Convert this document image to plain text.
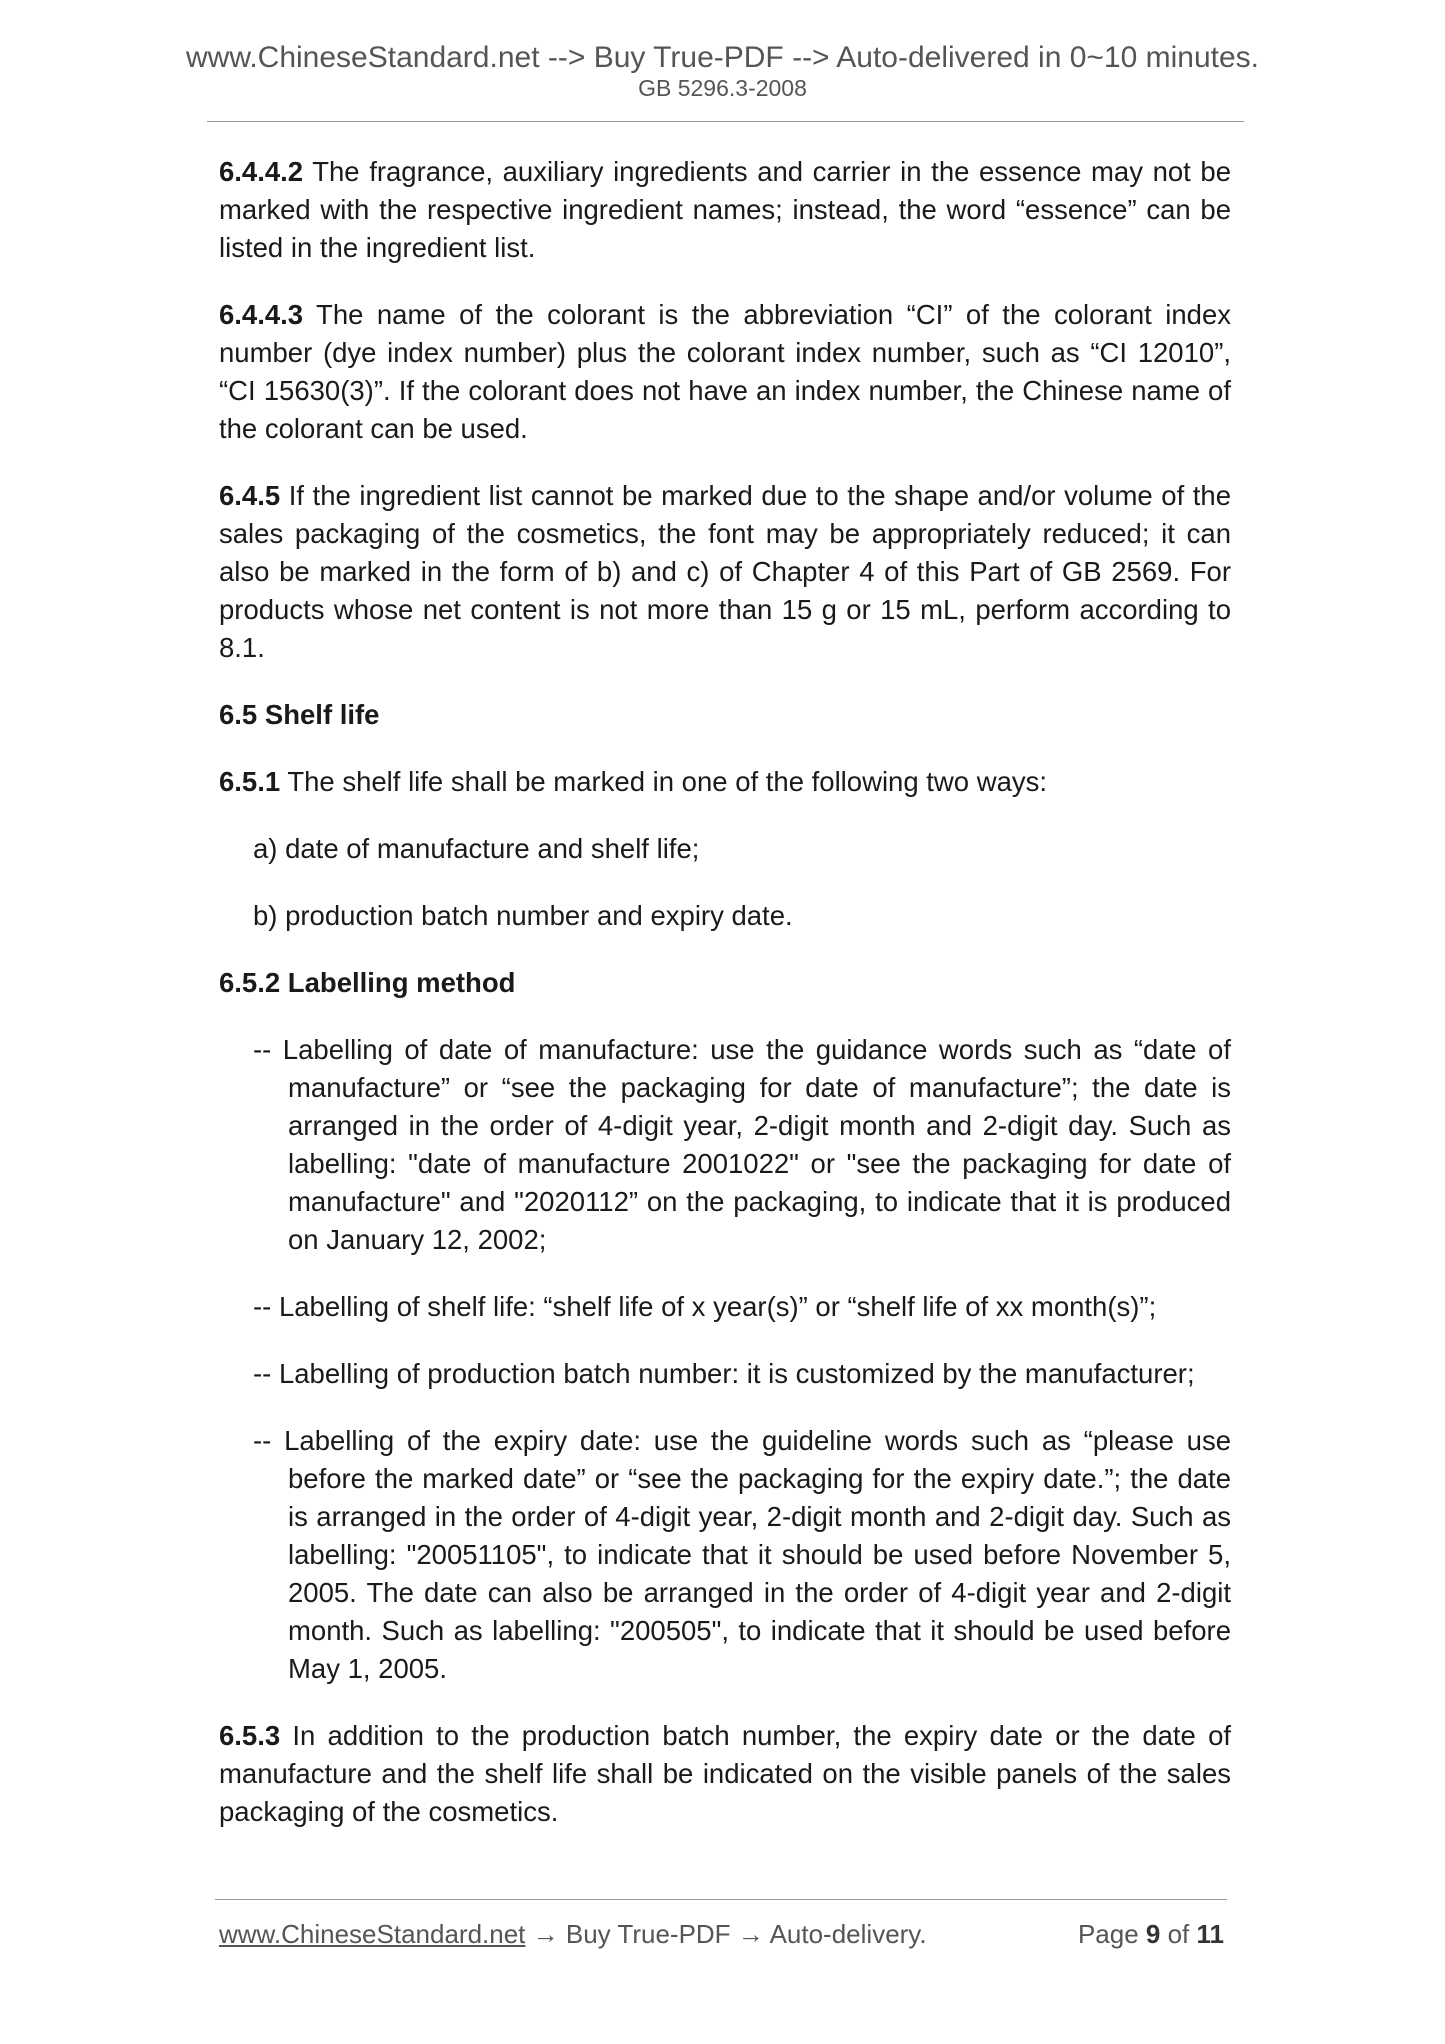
www.ChineseStandard.net --> Buy True-PDF --> Auto-delivered in 0~10 minutes.
GB 5296.3-2008

6.4.4.2 The fragrance, auxiliary ingredients and carrier in the essence may not be marked with the respective ingredient names; instead, the word “essence” can be listed in the ingredient list.

6.4.4.3 The name of the colorant is the abbreviation “CI” of the colorant index number (dye index number) plus the colorant index number, such as “CI 12010”, “CI 15630(3)”. If the colorant does not have an index number, the Chinese name of the colorant can be used.

6.4.5 If the ingredient list cannot be marked due to the shape and/or volume of the sales packaging of the cosmetics, the font may be appropriately reduced; it can also be marked in the form of b) and c) of Chapter 4 of this Part of GB 2569. For products whose net content is not more than 15 g or 15 mL, perform according to 8.1.

6.5 Shelf life

6.5.1 The shelf life shall be marked in one of the following two ways:

a) date of manufacture and shelf life;

b) production batch number and expiry date.

6.5.2 Labelling method

-- Labelling of date of manufacture: use the guidance words such as “date of manufacture” or “see the packaging for date of manufacture”; the date is arranged in the order of 4-digit year, 2-digit month and 2-digit day. Such as labelling: "date of manufacture 2001022" or "see the packaging for date of manufacture" and "2020112” on the packaging, to indicate that it is produced on January 12, 2002;

-- Labelling of shelf life: “shelf life of x year(s)” or “shelf life of xx month(s)”;

-- Labelling of production batch number: it is customized by the manufacturer;

-- Labelling of the expiry date: use the guideline words such as “please use before the marked date” or “see the packaging for the expiry date.”; the date is arranged in the order of 4-digit year, 2-digit month and 2-digit day. Such as labelling: "20051105", to indicate that it should be used before November 5, 2005. The date can also be arranged in the order of 4-digit year and 2-digit month. Such as labelling: "200505", to indicate that it should be used before May 1, 2005.

6.5.3 In addition to the production batch number, the expiry date or the date of manufacture and the shelf life shall be indicated on the visible panels of the sales packaging of the cosmetics.

www.ChineseStandard.net → Buy True-PDF → Auto-delivery.	Page 9 of 11
